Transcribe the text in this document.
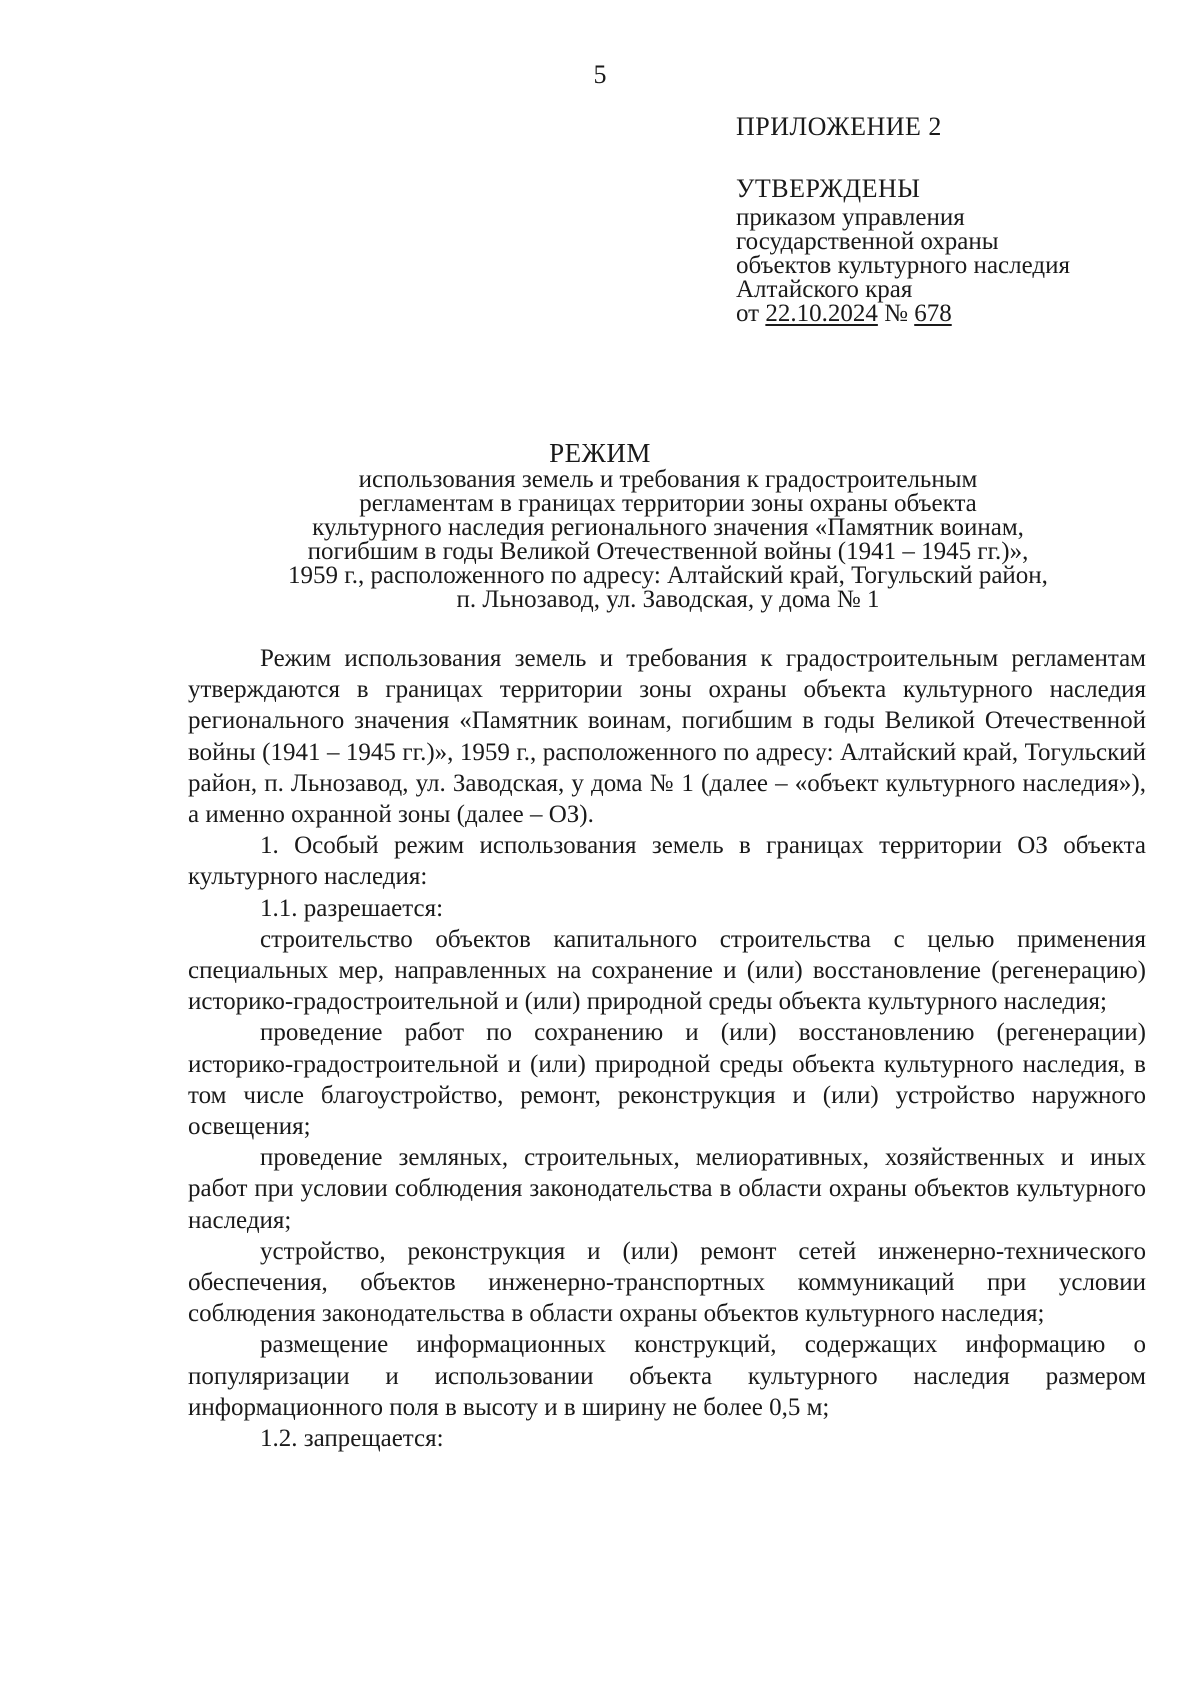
5
ПРИЛОЖЕНИЕ 2
УТВЕРЖДЕНЫ
приказом управления
государственной охраны
объектов культурного наследия
Алтайского края
от 22.10.2024 № 678
РЕЖИМ
использования земель и требования к градостроительным
регламентам в границах территории зоны охраны объекта
культурного наследия регионального значения «Памятник воинам,
погибшим в годы Великой Отечественной войны (1941 – 1945 гг.)»,
1959 г., расположенного по адресу: Алтайский край, Тогульский район,
п. Льнозавод, ул. Заводская, у дома № 1

Режим использования земель и требования к градостроительным регламентам утверждаются в границах территории зоны охраны объекта культурного наследия регионального значения «Памятник воинам, погибшим в годы Великой Отечественной войны (1941 – 1945 гг.)», 1959 г., расположенного по адресу: Алтайский край, Тогульский район, п. Льнозавод, ул. Заводская, у дома № 1 (далее – «объект культурного наследия»), а именно охранной зоны (далее – ОЗ).

1. Особый режим использования земель в границах территории ОЗ объекта культурного наследия:

1.1. разрешается:

строительство объектов капитального строительства с целью применения специальных мер, направленных на сохранение и (или) восстановление (регенерацию) историко-градостроительной и (или) природной среды объекта культурного наследия;

проведение работ по сохранению и (или) восстановлению (регенерации) историко-градостроительной и (или) природной среды объекта культурного наследия, в том числе благоустройство, ремонт, реконструкция и (или) устройство наружного освещения;

проведение земляных, строительных, мелиоративных, хозяйственных и иных работ при условии соблюдения законодательства в области охраны объектов культурного наследия;

устройство, реконструкция и (или) ремонт сетей инженерно-технического обеспечения, объектов инженерно-транспортных коммуникаций при условии соблюдения законодательства в области охраны объектов культурного наследия;

размещение информационных конструкций, содержащих информацию о популяризации и использовании объекта культурного наследия размером информационного поля в высоту и в ширину не более 0,5 м;

1.2. запрещается:
